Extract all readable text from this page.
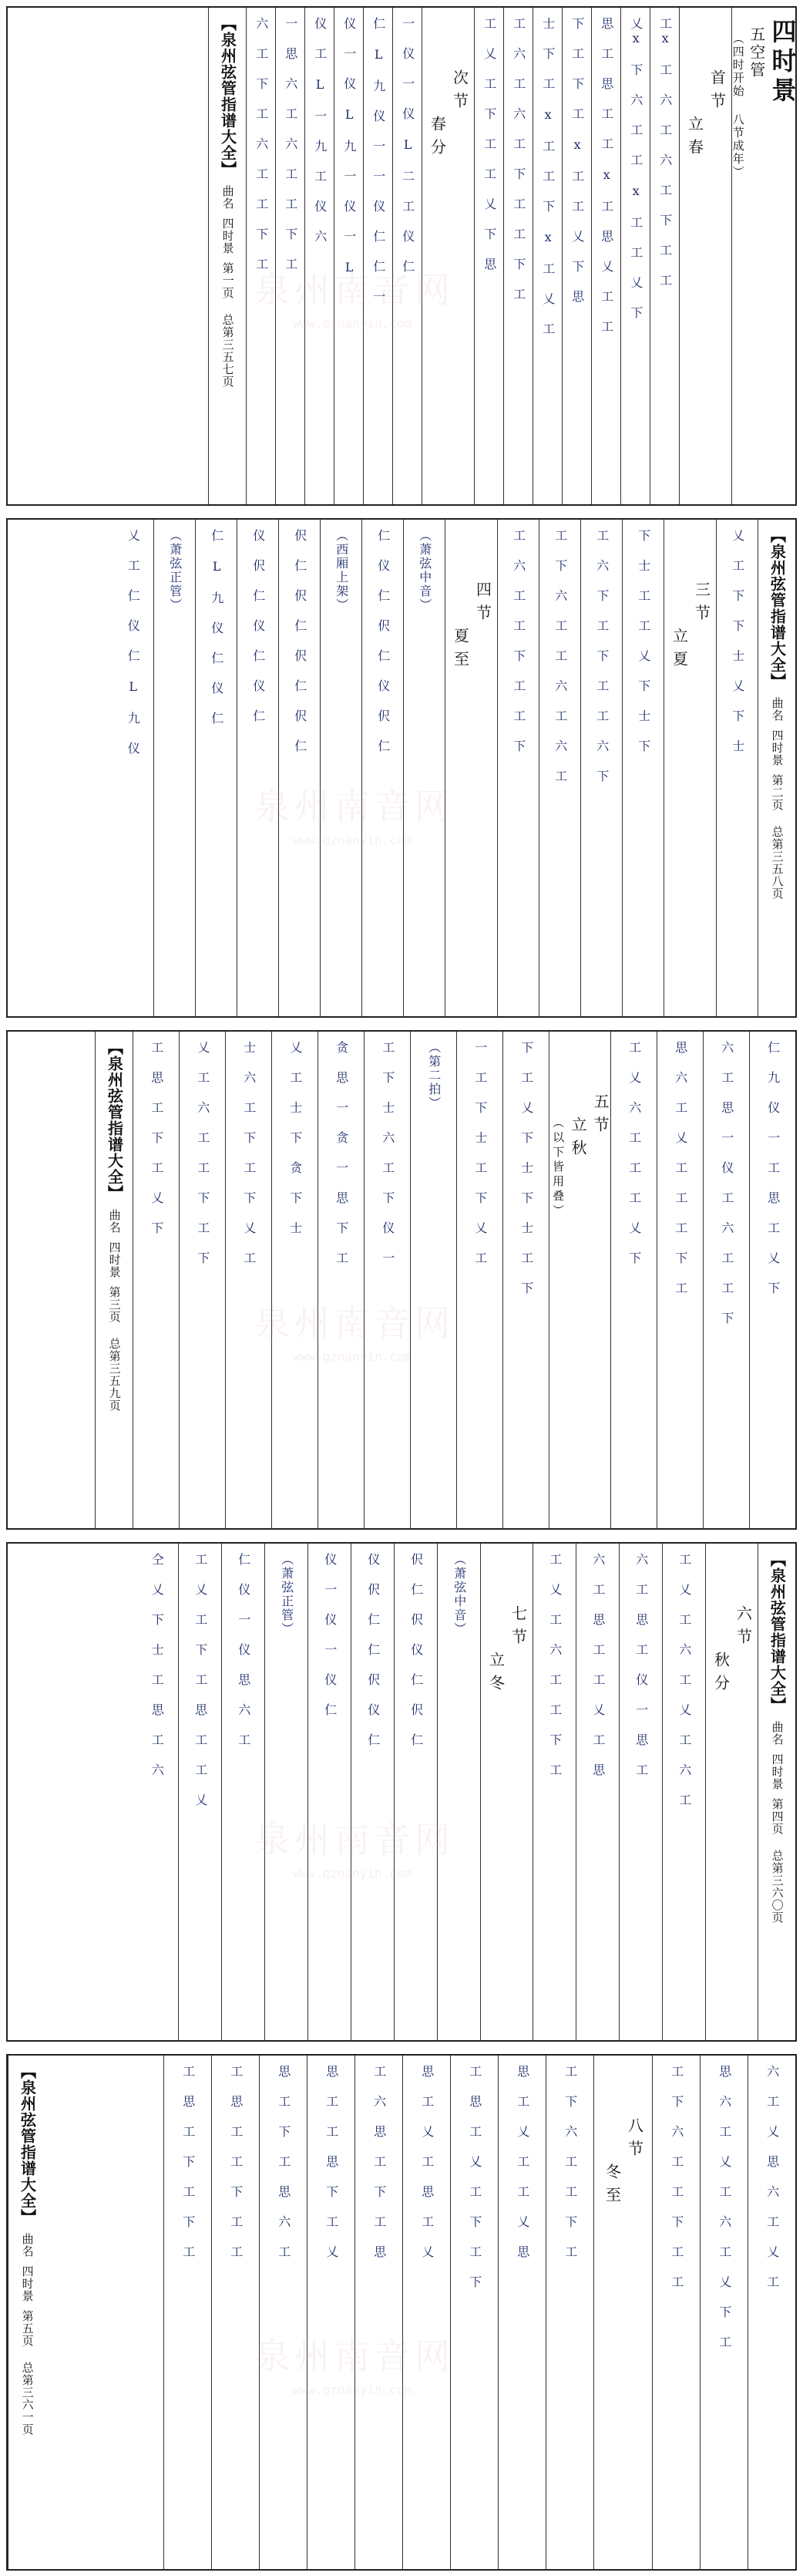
四时景
五空管
（四时开始 八节成年）
首节
立春
工x 工 六 工 六 工 下 工 工
乂x 下 六 工 工 x 工 工 乂 下
思 工 思 工 工 x 工 思 乂 工 工
下 工 下 工 x 工 工 乂 下 思
士 下 工 x 工 工 下 x 工 乂 工
工 六 工 六 工 下 工 工 下 工
工 乂 工 下 工 工 乂 下 思
次节
春分
一 仪 一 仪 L 二 工 仪 仁
仁 L 九 仪 一 一 仪 仁 仁 一
仪 一 仪 L 九 一 仪 一 L
仪 工 L 一 九 工 仪 六
一 思 六 工 六 工 工 下 工
六 工 下 工 六 工 工 下 工
【泉州弦管指谱大全】
曲名
四时景
第一页 总第三五七页
【泉州弦管指谱大全】
曲名
四时景
第二页 总第三五八页
乂 工 下 下 士 乂 下 士
三节
立夏
下 士 工 工 乂 下 士 下
工 六 下 工 下 工 工 六 下
工 下 六 工 工 六 工 六 工
工 六 工 工 下 工 工 下
四节
夏至
（萧弦中音）
仁 仪 仁 伬 仁 仪 伬 仁
（西厢上架）
伬 仁 伬 仁 伬 仁 伬 仁
仪 伬 仁 仪 仁 仪 仁
仁 L 九 仪 仁 仪 仁
（萧弦正管）
乂 工 仁 仪 仁 L 九 仪
仁 九 仪 一 工 思 工 乂 下
六 工 思 一 仪 工 六 工 工 下
思 六 工 乂 工 工 工 下 工
工 乂 六 工 工 工 乂 下
五节
立秋
（以下皆用叠）
下 工 乂 下 士 下 士 工 下
一 工 下 士 工 下 乂 工
（第二拍）
工 下 士 六 工 下 仪 一
贪 思 一 贪 一 思 下 工
乂 工 士 下 贪 下 士
士 六 工 下 工 下 乂 工
乂 工 六 工 工 下 工 下
工 思 工 下 工 乂 下
【泉州弦管指谱大全】
曲名
四时景
第三页 总第三五九页
【泉州弦管指谱大全】
曲名
四时景
第四页 总第三六〇页
六节
秋分
工 乂 工 六 工 乂 工 六 工
六 工 思 工 仪 一 思 工
六 工 思 工 工 乂 工 思
工 乂 工 六 工 工 下 工
七节
立冬
（萧弦中音）
伬 仁 伬 仪 仁 伬 仁
仪 伬 仁 仁 伬 仪 仁
仪 一 仪 一 仪 仁
（萧弦正管）
仁 仪 一 仪 思 六 工
工 乂 工 下 工 思 工 工 乂
仝 乂 下 士 工 思 工 六
六 工 乂 思 六 工 乂 工
思 六 工 乂 工 六 工 乂 下 工
工 下 六 工 工 下 工 工
八节
冬至
工 下 六 工 工 下 工
思 工 乂 工 工 乂 思
工 思 工 乂 工 下 工 下
思 工 乂 工 思 工 乂
工 六 思 工 下 工 思
思 工 工 思 下 工 乂
思 工 下 工 思 六 工
工 思 工 工 下 工 工
工 思 工 下 工 下 工
【泉州弦管指谱大全】
曲名
四时景
第五页 总第三六一页
